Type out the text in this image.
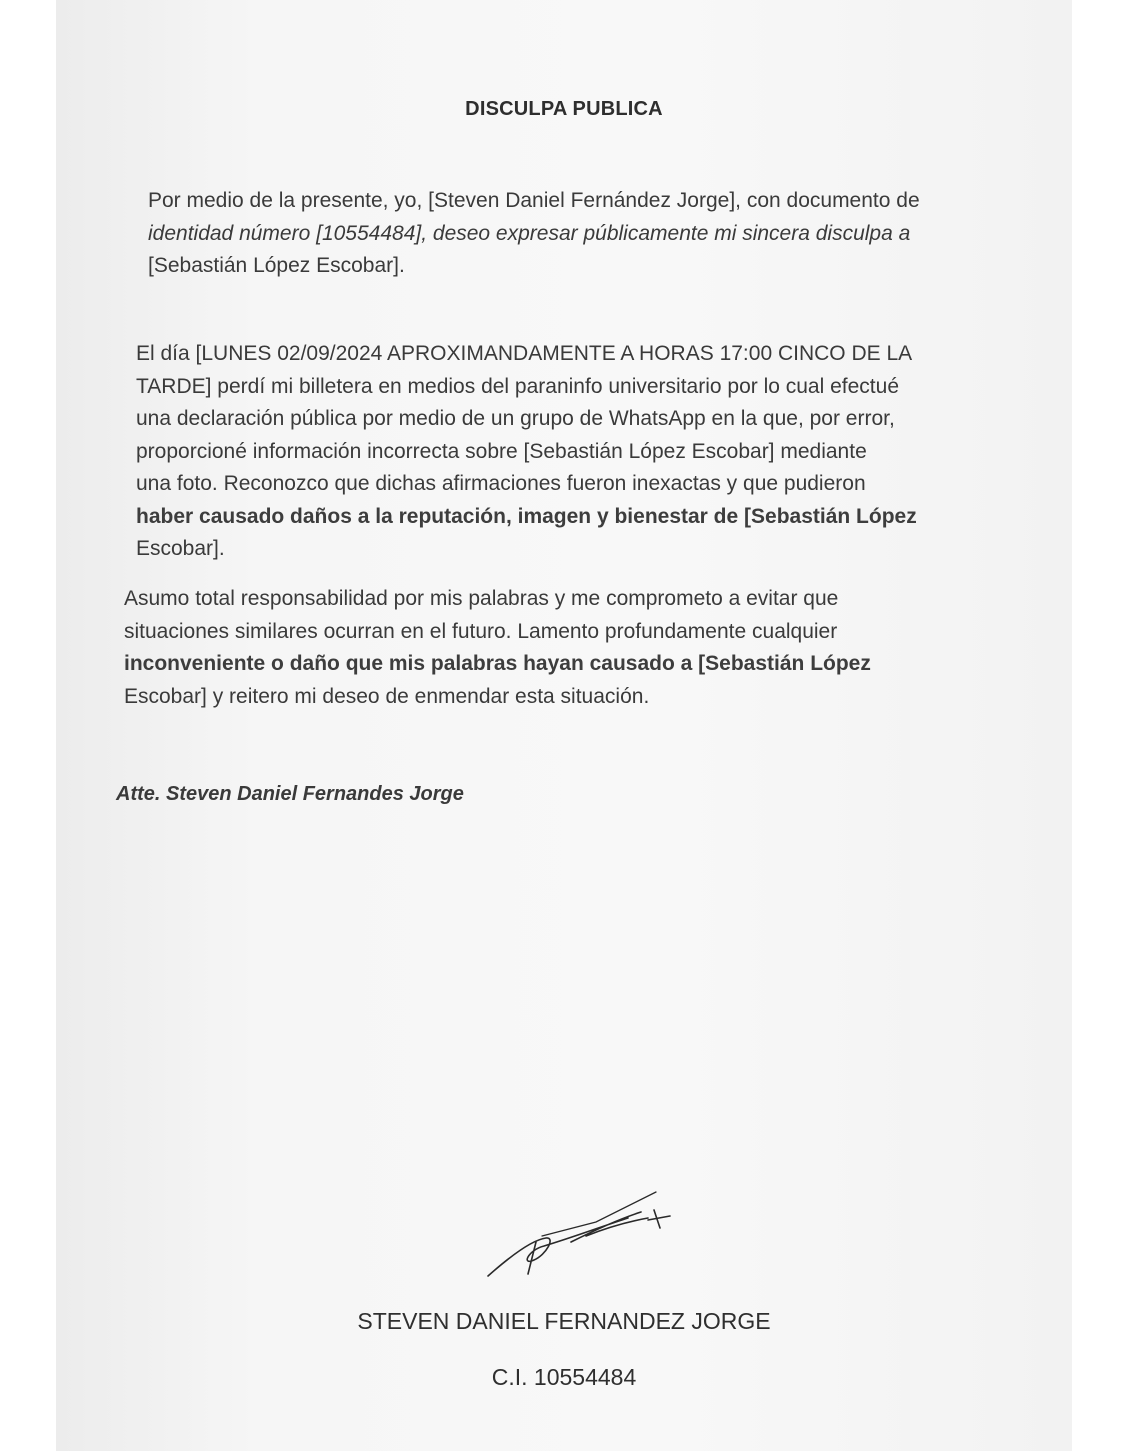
DISCULPA PUBLICA

Por medio de la presente, yo, [Steven Daniel Fernández Jorge], con documento de
identidad número [10554484], deseo expresar públicamente mi sincera disculpa a
[Sebastián López Escobar].

El día [LUNES 02/09/2024 APROXIMANDAMENTE A HORAS 17:00 CINCO DE LA
TARDE] perdí mi billetera en medios del paraninfo universitario por lo cual efectué
una declaración pública por medio de un grupo de WhatsApp en la que, por error,
proporcioné información incorrecta sobre [Sebastián López Escobar] mediante
una foto. Reconozco que dichas afirmaciones fueron inexactas y que pudieron
haber causado daños a la reputación, imagen y bienestar de [Sebastián López
Escobar].

Asumo total responsabilidad por mis palabras y me comprometo a evitar que
situaciones similares ocurran en el futuro. Lamento profundamente cualquier
inconveniente o daño que mis palabras hayan causado a [Sebastián López
Escobar] y reitero mi deseo de enmendar esta situación.

Atte. Steven Daniel Fernandes Jorge
STEVEN DANIEL FERNANDEZ JORGE
C.I. 10554484
